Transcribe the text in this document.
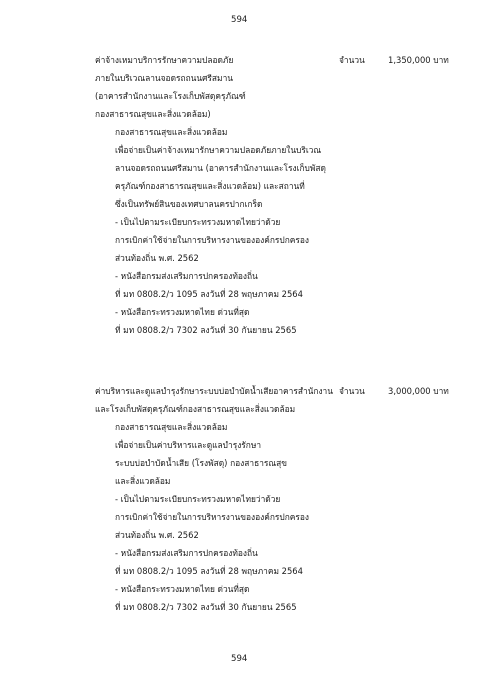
594
ค่าจ้างเหมาบริการรักษาความปลอดภัย
ภายในบริเวณลานจอดรถถนนศรีสมาน
(อาคารสำนักงานและโรงเก็บพัสดุครุภัณฑ์
กองสาธารณสุขและสิ่งแวดล้อม)
จำนวน	1,350,000 บาท
กองสาธารณสุขและสิ่งแวดล้อม
เพื่อจ่ายเป็นค่าจ้างเหมารักษาความปลอดภัยภายในบริเวณ
ลานจอดรถถนนศรีสมาน (อาคารสำนักงานและโรงเก็บพัสดุ
ครุภัณฑ์กองสาธารณสุขและสิ่งแวดล้อม) และสถานที่
ซึ่งเป็นทรัพย์สินของเทศบาลนครปากเกร็ด
- เป็นไปตามระเบียบกระทรวงมหาดไทยว่าด้วย
การเบิกค่าใช้จ่ายในการบริหารงานขององค์กรปกครอง
ส่วนท้องถิ่น พ.ศ. 2562
- หนังสือกรมส่งเสริมการปกครองท้องถิ่น
ที่ มท 0808.2/ว 1095 ลงวันที่ 28 พฤษภาคม 2564
- หนังสือกระทรวงมหาดไทย ด่วนที่สุด
ที่ มท 0808.2/ว 7302 ลงวันที่ 30 กันยายน 2565
ค่าบริหารและดูแลบำรุงรักษาระบบบ่อบำบัดน้ำเสียอาคารสำนักงาน
และโรงเก็บพัสดุครุภัณฑ์กองสาธารณสุขและสิ่งแวดล้อม
จำนวน	3,000,000 บาท
กองสาธารณสุขและสิ่งแวดล้อม
เพื่อจ่ายเป็นค่าบริหารและดูแลบำรุงรักษา
ระบบบ่อบำบัดน้ำเสีย (โรงพัสดุ) กองสาธารณสุข
และสิ่งแวดล้อม
- เป็นไปตามระเบียบกระทรวงมหาดไทยว่าด้วย
การเบิกค่าใช้จ่ายในการบริหารงานขององค์กรปกครอง
ส่วนท้องถิ่น พ.ศ. 2562
- หนังสือกรมส่งเสริมการปกครองท้องถิ่น
ที่ มท 0808.2/ว 1095 ลงวันที่ 28 พฤษภาคม 2564
- หนังสือกระทรวงมหาดไทย ด่วนที่สุด
ที่ มท 0808.2/ว 7302 ลงวันที่ 30 กันยายน 2565
594
